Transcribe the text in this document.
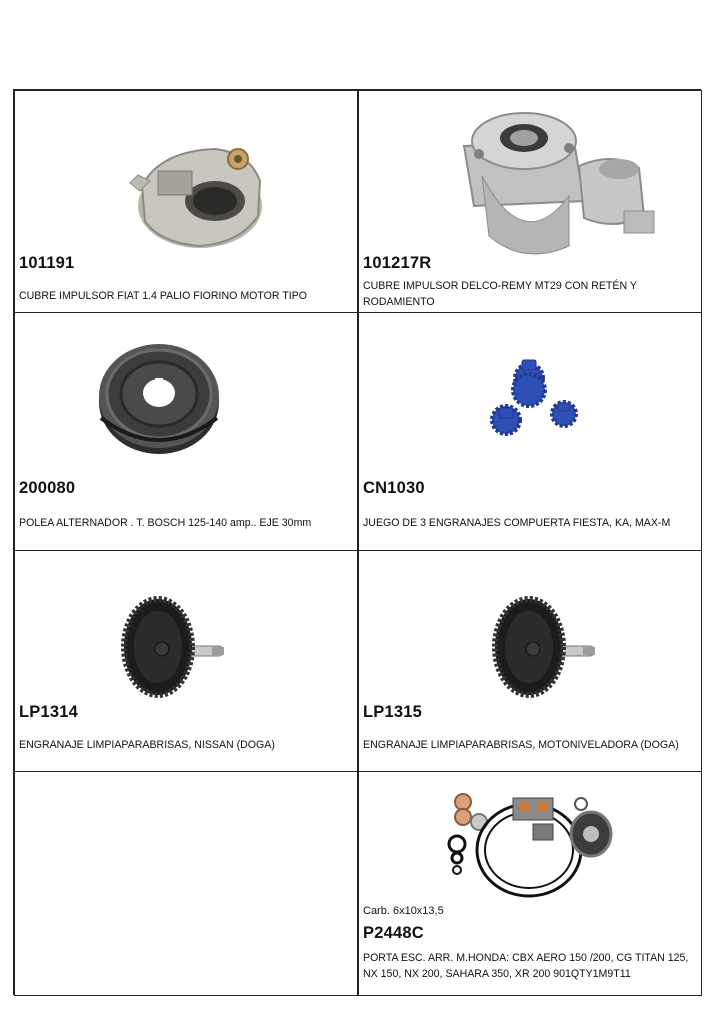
101191
CUBRE IMPULSOR FIAT 1.4 PALIO FIORINO MOTOR TIPO
101217R
CUBRE IMPULSOR DELCO-REMY MT29 CON RETÉN Y RODAMIENTO
200080
POLEA ALTERNADOR . T. BOSCH 125-140 amp.. EJE 30mm
CN1030
JUEGO DE 3 ENGRANAJES COMPUERTA FIESTA, KA, MAX-M
LP1314
ENGRANAJE LIMPIAPARABRISAS, NISSAN (DOGA)
LP1315
ENGRANAJE LIMPIAPARABRISAS, MOTONIVELADORA (DOGA)
Carb. 6x10x13,5
P2448C
PORTA ESC. ARR. M.HONDA: CBX AERO 150 /200, CG TITAN 125, NX 150, NX 200, SAHARA 350, XR 200 901QTY1M9T11
